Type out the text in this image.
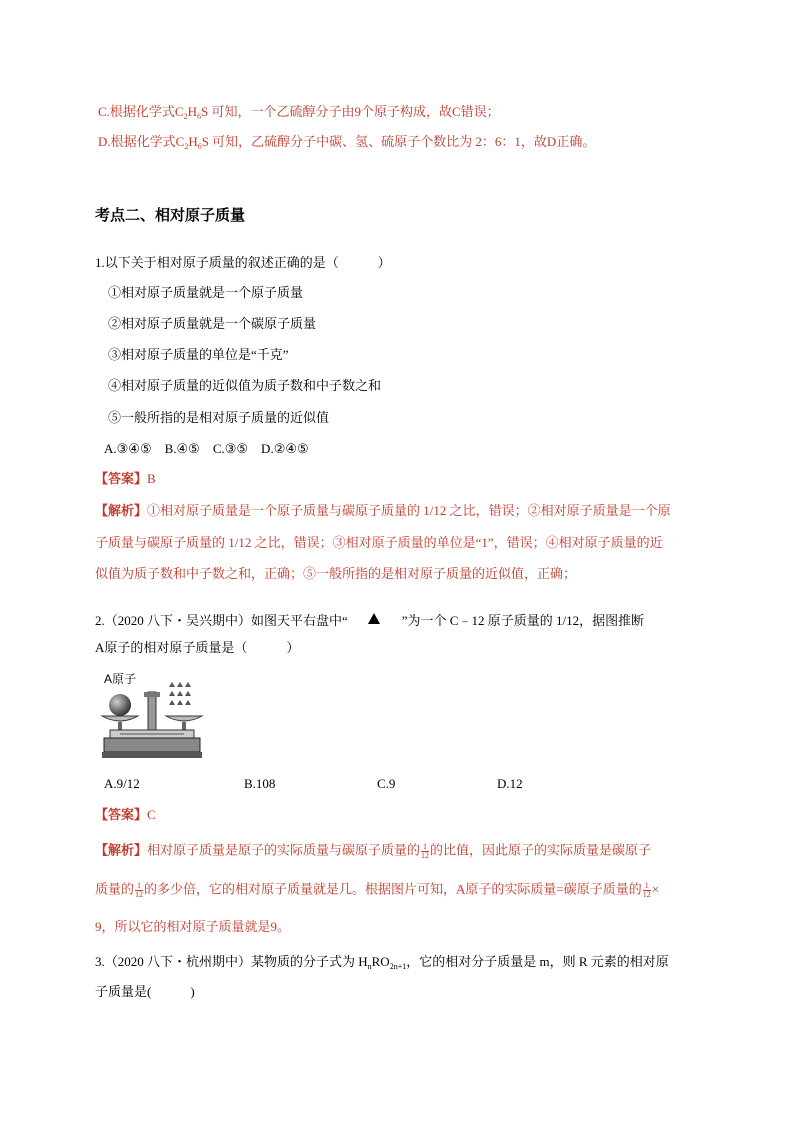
C.根据化学式$C_2H_6S$ 可知，一个乙硫醇分子由9个原子构成，故C错误；
D.根据化学式$C_2H_6S$ 可知，乙硫醇分子中碳、氢、硫原子个数比为 2：6：1，故D正确。
考点二、相对原子质量
1.以下关于相对原子质量的叙述正确的是（　　　）
①相对原子质量就是一个原子质量
②相对原子质量就是一个碳原子质量
③相对原子质量的单位是“千克”
④相对原子质量的近似值为质子数和中子数之和
⑤一般所指的是相对原子质量的近似值
A.③④⑤　B.④⑤　C.③⑤　D.②④⑤
【答案】B
【解析】①相对原子质量是一个原子质量与碳原子质量的 1/12 之比，错误；②相对原子质量是一个原
子质量与碳原子质量的 1/12 之比，错误；③相对原子质量的单位是“1”，错误；④相对原子质量的近
似值为质子数和中子数之和，正确；⑤一般所指的是相对原子质量的近似值，正确；
2.（2020 八下・吴兴期中）如图天平右盘中“	”为一个 C﹣12 原子质量的 1/12，据图推断
A原子的相对原子质量是（　　　）
A原子
A.9/12	B.108	C.9	D.12
【答案】C
【解析】相对原子质量是原子的实际质量与碳原子质量的 $\frac{1}{12}$ 的比值，因此原子的实际质量是碳原子
质量的 $\frac{1}{12}$ 的多少倍，它的相对原子质量就是几。根据图片可知，A原子的实际质量=碳原子质量的 $\frac{1}{12}$ ×
9，所以它的相对原子质量就是9。
3.（2020 八下・杭州期中）某物质的分子式为 $H_nRO_{2n+1}$，它的相对分子质量是 m，则 R 元素的相对原
子质量是(　　　)
